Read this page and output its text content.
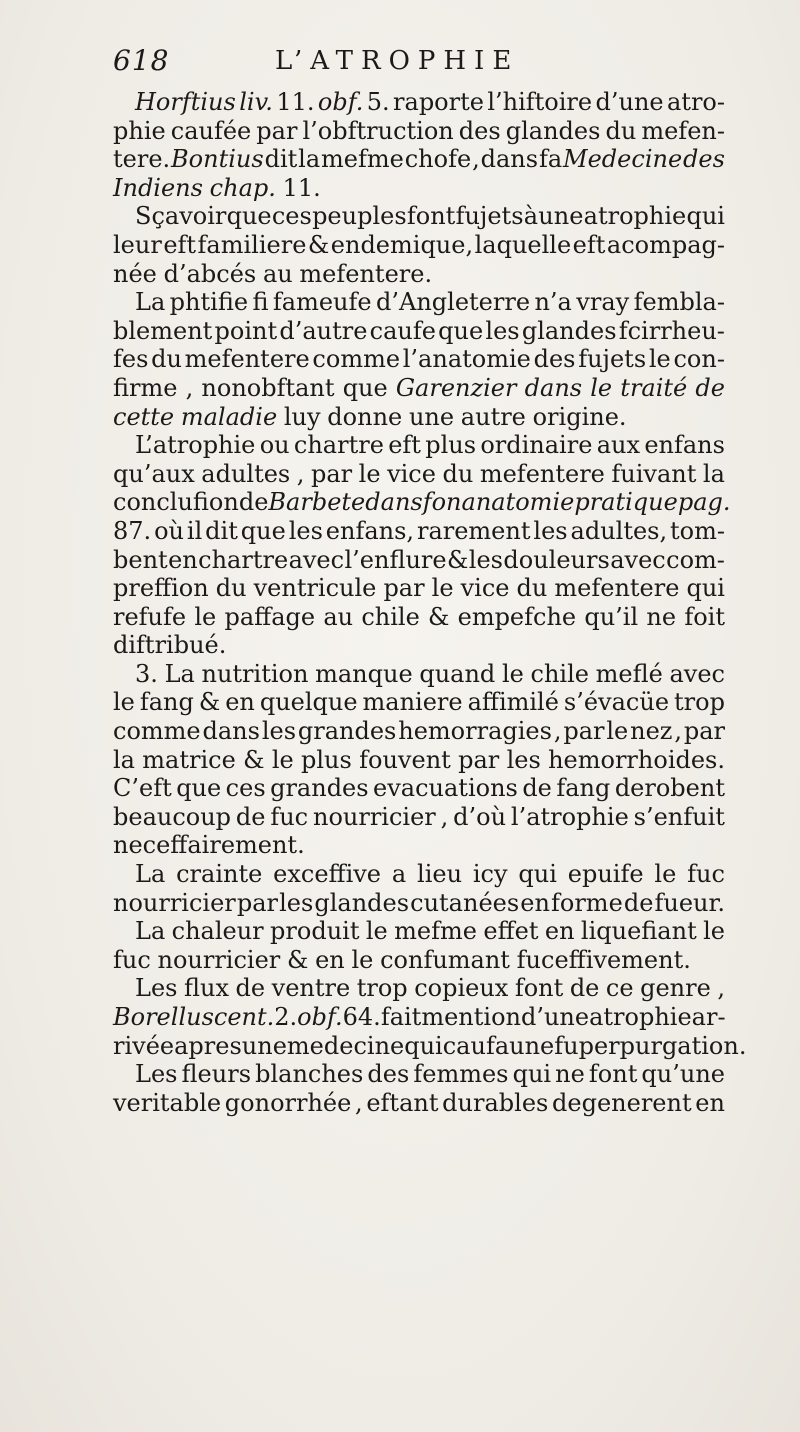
618	L’ATROPHIE
Horftius liv. 11. obf. 5. raporte l’hiftoire d’une atro-
phie caufée par l’obftruction des glandes du mefen-
tere. Bontius dit la mefme chofe , dans fa Medecine des
Indiens chap. 11.
Sçavoir que ces peuples font fujets à une atrophie qui
leur eft familiere & endemique, laquelle eft acompag-
née d’abcés au mefentere.
La phtifie fi fameufe d’Angleterre n’a vray fembla-
blement point d’autre caufe que les glandes fcirrheu-
fes du mefentere comme l’anatomie des fujets le con-
firme , nonobftant que Garenzier dans le traité de
cette maladie luy donne une autre origine.
L’atrophie ou chartre eft plus ordinaire aux enfans
qu’aux adultes , par le vice du mefentere fuivant la
conclufion de Barbete dans fon anatomie pratique pag.
87. où il dit que les enfans, rarement les adultes, tom-
bent en chartre avec l’enflure & les douleurs avec com-
preffion du ventricule par le vice du mefentere qui
refufe le paffage au chile & empefche qu’il ne foit
diftribué.
3. La nutrition manque quand le chile meflé avec
le fang & en quelque maniere affimilé s’évacüe trop
comme dans les grandes hemorragies , par le nez , par
la matrice & le plus fouvent par les hemorrhoides.
C’eft que ces grandes evacuations de fang derobent
beaucoup de fuc nourricier , d’où l’atrophie s’enfuit
neceffairement.
La crainte exceffive a lieu icy qui epuife le fuc
nourricier par les glandes cutanées en forme de fueur.
La chaleur produit le mefme effet en liquefiant le
fuc nourricier & en le confumant fuceffivement.
Les flux de ventre trop copieux font de ce genre ,
Borellus cent. 2. obf. 64. fait mention d’une atrophie ar-
rivée apres une medecine qui caufa une fuperpurgation.
Les fleurs blanches des femmes qui ne font qu’une
veritable gonorrhée , eftant durables degenerent en
